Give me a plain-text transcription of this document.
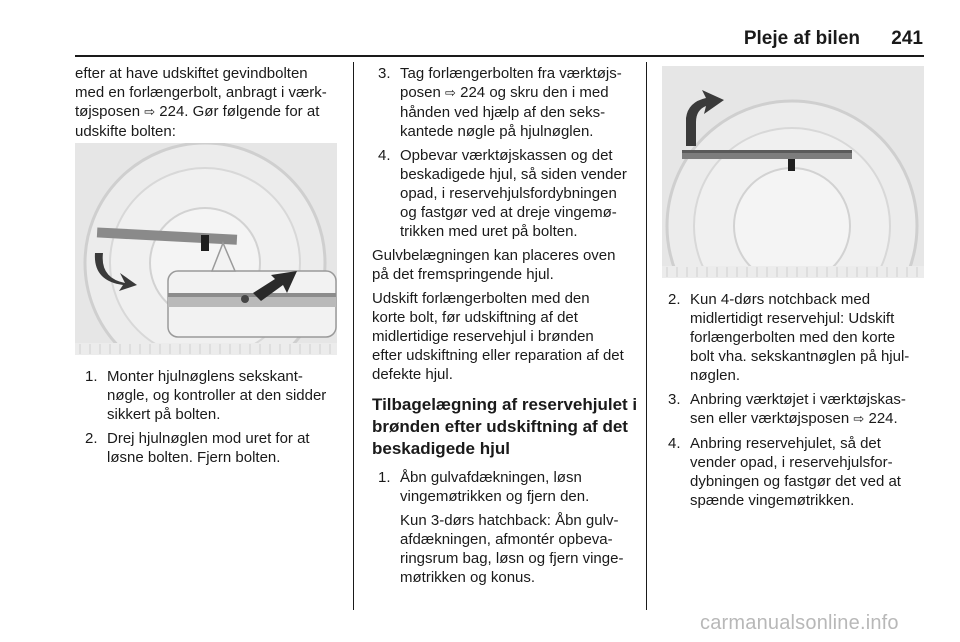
Pleje af bilen	241
efter at have udskiftet gevindbolten
med en forlængerbolt, anbragt i værk-
tøjsposen ⇨ 224. Gør følgende for at
udskifte bolten:
1. Monter hjulnøglens sekskant-
nøgle, og kontroller at den sidder
sikkert på bolten.
2. Drej hjulnøglen mod uret for at
løsne bolten. Fjern bolten.
3. Tag forlængerbolten fra værktøjs-
posen ⇨ 224 og skru den i med
hånden ved hjælp af den seks-
kantede nøgle på hjulnøglen.
4. Opbevar værktøjskassen og det
beskadigede hjul, så siden vender
opad, i reservehjulsfordybningen
og fastgør ved at dreje vingemø-
trikken med uret på bolten.
Gulvbelægningen kan placeres oven
på det fremspringende hjul.
Udskift forlængerbolten med den
korte bolt, før udskiftning af det
midlertidige reservehjul i brønden
efter udskiftning eller reparation af det
defekte hjul.
Tilbagelægning af reservehjulet i
brønden efter udskiftning af det
beskadigede hjul
1. Åbn gulvafdækningen, løsn
vingemøtrikken og fjern den.
Kun 3-dørs hatchback: Åbn gulv-
afdækningen, afmontér opbeva-
ringsrum bag, løsn og fjern vinge-
møtrikken og konus.
2. Kun 4-dørs notchback med
midlertidigt reservehjul: Udskift
forlængerbolten med den korte
bolt vha. sekskantnøglen på hjul-
nøglen.
3. Anbring værktøjet i værktøjskas-
sen eller værktøjsposen ⇨ 224.
4. Anbring reservehjulet, så det
vender opad, i reservehjulsfor-
dybningen og fastgør det ved at
spænde vingemøtrikken.
carmanualsonline.info
